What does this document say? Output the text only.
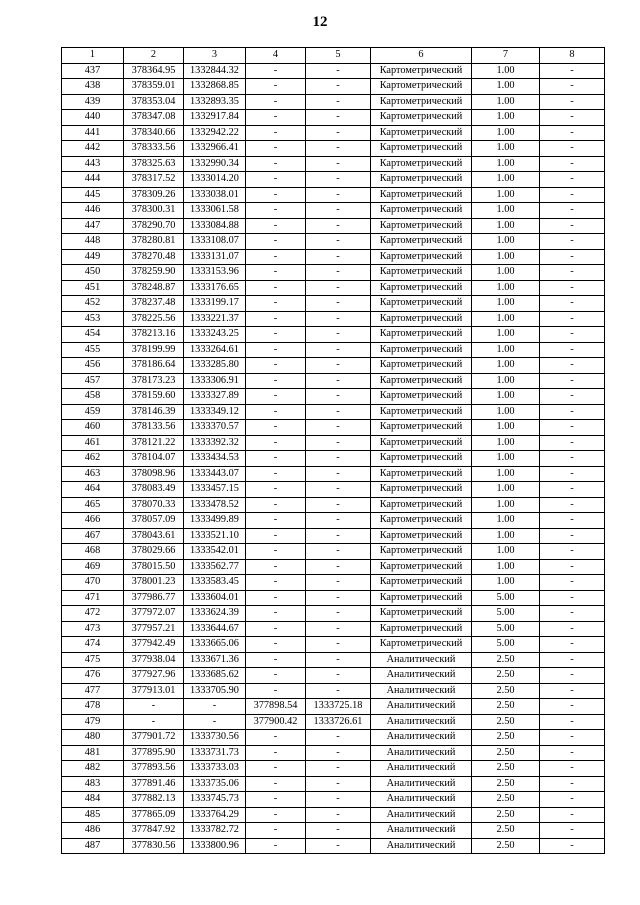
12
1	2	3	4	5	6	7	8
437	378364.95	1332844.32	-	-	Картометрический	1.00	-
438	378359.01	1332868.85	-	-	Картометрический	1.00	-
439	378353.04	1332893.35	-	-	Картометрический	1.00	-
440	378347.08	1332917.84	-	-	Картометрический	1.00	-
441	378340.66	1332942.22	-	-	Картометрический	1.00	-
442	378333.56	1332966.41	-	-	Картометрический	1.00	-
443	378325.63	1332990.34	-	-	Картометрический	1.00	-
444	378317.52	1333014.20	-	-	Картометрический	1.00	-
445	378309.26	1333038.01	-	-	Картометрический	1.00	-
446	378300.31	1333061.58	-	-	Картометрический	1.00	-
447	378290.70	1333084.88	-	-	Картометрический	1.00	-
448	378280.81	1333108.07	-	-	Картометрический	1.00	-
449	378270.48	1333131.07	-	-	Картометрический	1.00	-
450	378259.90	1333153.96	-	-	Картометрический	1.00	-
451	378248.87	1333176.65	-	-	Картометрический	1.00	-
452	378237.48	1333199.17	-	-	Картометрический	1.00	-
453	378225.56	1333221.37	-	-	Картометрический	1.00	-
454	378213.16	1333243.25	-	-	Картометрический	1.00	-
455	378199.99	1333264.61	-	-	Картометрический	1.00	-
456	378186.64	1333285.80	-	-	Картометрический	1.00	-
457	378173.23	1333306.91	-	-	Картометрический	1.00	-
458	378159.60	1333327.89	-	-	Картометрический	1.00	-
459	378146.39	1333349.12	-	-	Картометрический	1.00	-
460	378133.56	1333370.57	-	-	Картометрический	1.00	-
461	378121.22	1333392.32	-	-	Картометрический	1.00	-
462	378104.07	1333434.53	-	-	Картометрический	1.00	-
463	378098.96	1333443.07	-	-	Картометрический	1.00	-
464	378083.49	1333457.15	-	-	Картометрический	1.00	-
465	378070.33	1333478.52	-	-	Картометрический	1.00	-
466	378057.09	1333499.89	-	-	Картометрический	1.00	-
467	378043.61	1333521.10	-	-	Картометрический	1.00	-
468	378029.66	1333542.01	-	-	Картометрический	1.00	-
469	378015.50	1333562.77	-	-	Картометрический	1.00	-
470	378001.23	1333583.45	-	-	Картометрический	1.00	-
471	377986.77	1333604.01	-	-	Картометрический	5.00	-
472	377972.07	1333624.39	-	-	Картометрический	5.00	-
473	377957.21	1333644.67	-	-	Картометрический	5.00	-
474	377942.49	1333665.06	-	-	Картометрический	5.00	-
475	377938.04	1333671.36	-	-	Аналитический	2.50	-
476	377927.96	1333685.62	-	-	Аналитический	2.50	-
477	377913.01	1333705.90	-	-	Аналитический	2.50	-
478	-	-	377898.54	1333725.18	Аналитический	2.50	-
479	-	-	377900.42	1333726.61	Аналитический	2.50	-
480	377901.72	1333730.56	-	-	Аналитический	2.50	-
481	377895.90	1333731.73	-	-	Аналитический	2.50	-
482	377893.56	1333733.03	-	-	Аналитический	2.50	-
483	377891.46	1333735.06	-	-	Аналитический	2.50	-
484	377882.13	1333745.73	-	-	Аналитический	2.50	-
485	377865.09	1333764.29	-	-	Аналитический	2.50	-
486	377847.92	1333782.72	-	-	Аналитический	2.50	-
487	377830.56	1333800.96	-	-	Аналитический	2.50	-
